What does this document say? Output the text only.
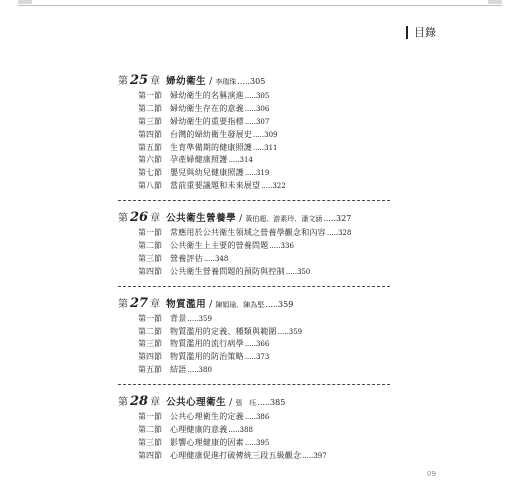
目錄
第 25 章 婦幼衛生 / 李瑞珠 .....305
第一節	婦幼衛生的名稱演進 .....305
第二節	婦幼衛生存在的意義 .....306
第三節	婦幼衛生的重要指標 .....307
第四節	台灣的婦幼衛生發展史 .....309
第五節	生育準備期的健康照護 .....311
第六節	孕產婦健康照護 .....314
第七節	嬰兒與幼兒健康照護 .....319
第八節	當前重要議題和未來展望 .....322
第 26 章 公共衛生營養學 / 黃伯超、游素玲、潘文涵 .....327
第一節	常應用於公共衛生領域之營養學觀念和內容 .....328
第二節	公共衛生上主要的營養問題 .....336
第三節	營養評估 .....348
第四節	公共衛生營養問題的預防與控制 .....350
第 27 章 物質濫用 / 陳娟瑜、陳為堅 .....359
第一節	背景 .....359
第二節	物質濫用的定義、種類與範圍 .....359
第三節	物質濫用的流行病學 .....366
第四節	物質濫用的防治策略 .....373
第五節	結語 .....380
第 28 章 公共心理衛生 / 張　珏 .....385
第一節	公共心理衛生的定義 .....386
第二節	心理健康的意義 .....388
第三節	影響心理健康的因素 .....395
第四節	心理健康促進打破傳統三段五級觀念 .....397
09
